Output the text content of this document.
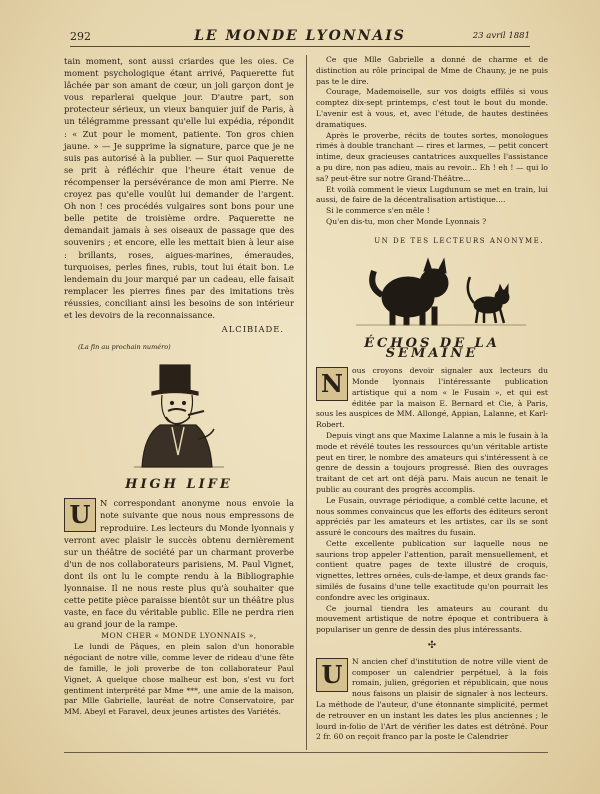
292	LE MONDE LYONNAIS	23 avril 1881

tain moment, sont aussi criardes que les oies. Ce moment psychologique étant arrivé, Paquerette fut lâchée par son amant de cœur, un joli garçon dont je vous reparlerai quelque jour. D'autre part, son protecteur sérieux, un vieux banquier juif de Paris, à un télégramme pressant qu'elle lui expédia, répondit : « Zut pour le moment, patiente. Ton gros chien jaune. » — Je supprime la signature, parce que je ne suis pas autorisé à la publier. — Sur quoi Paquerette se prit à réfléchir que l'heure était venue de récompenser la persévérance de mon ami Pierre. Ne croyez pas qu'elle voulût lui demander de l'argent. Oh non ! ces procédés vulgaires sont bons pour une belle petite de troisième ordre. Paquerette ne demandait jamais à ses oiseaux de passage que des souvenirs ; et encore, elle les mettait bien à leur aise : brillants, roses, aigues-marines, émeraudes, turquoises, perles fines, rubis, tout lui était bon. Le lendemain du jour marqué par un cadeau, elle faisait remplacer les pierres fines par des imitations très réussies, conciliant ainsi les besoins de son intérieur et les devoirs de la reconnaissance.

ALCIBIADE.
(La fin au prochain numéro)
HIGH LIFE

U	N correspondant anonyme nous envoie la note suivante que nous nous empressons de reproduire. Les lecteurs du Monde lyonnais y verront avec plaisir le succès obtenu dernièrement sur un théâtre de société par un charmant proverbe d'un de nos collaborateurs parisiens, M. Paul Vignet, dont ils ont lu le compte rendu à la Bibliographie lyonnaise. Il ne nous reste plus qu'à souhaiter que cette petite pièce paraisse bientôt sur un théâtre plus vaste, en face du véritable public. Elle ne perdra rien au grand jour de la rampe.

MON CHER « MONDE LYONNAIS »,

Le lundi de Pâques, en plein salon d'un honorable négociant de notre ville, comme lever de rideau d'une fête de famille, le joli proverbe de ton collaborateur Paul Vignet, A quelque chose malheur est bon, s'est vu fort gentiment interprété par Mme ***, une amie de la maison, par Mlle Gabrielle, lauréat de notre Conservatoire, par MM. Abeyl et Faravel, deux jeunes artistes des Variétés.

Ce que Mlle Gabrielle a donné de charme et de distinction au rôle principal de Mme de Chauny, je ne puis pas te le dire.

Courage, Mademoiselle, sur vos doigts effilés si vous comptez dix-sept printemps, c'est tout le bout du monde. L'avenir est à vous, et, avec l'étude, de hautes destinées dramatiques.

Après le proverbe, récits de toutes sortes, monologues rimés à double tranchant — rires et larmes, — petit concert intime, deux gracieuses cantatrices auxquelles l'assistance a pu dire, non pas adieu, mais au revoir... Eh ! eh ! — qui lo sa? peut-être sur notre Grand-Théâtre...

Et voilà comment le vieux Lugdunum se met en train, lui aussi, de faire de la décentralisation artistique....

Si le commerce s'en mêle !

Qu'en dis-tu, mon cher Monde Lyonnais ?

UN DE TES LECTEURS ANONYME.
ÉCHOS DE LA SEMAINE

N	ous croyons devoir signaler aux lecteurs du Monde lyonnais l'intéressante publication artistique qui a nom « le Fusain », et qui est éditée par la maison E. Bernard et Cie, à Paris, sous les auspices de MM. Allongé, Appian, Lalanne, et Karl-Robert.

Depuis vingt ans que Maxime Lalanne a mis le fusain à la mode et révélé toutes les ressources qu'un véritable artiste peut en tirer, le nombre des amateurs qui s'intéressent à ce genre de dessin a toujours progressé. Bien des ouvrages traitant de cet art ont déjà paru. Mais aucun ne tenait le public au courant des progrès accomplis.

Le Fusain, ouvrage périodique, a comblé cette lacune, et nous sommes convaincus que les efforts des éditeurs seront appréciés par les amateurs et les artistes, car ils se sont assuré le concours des maîtres du fusain.

Cette excellente publication sur laquelle nous ne saurions trop appeler l'attention, paraît mensuellement, et contient quatre pages de texte illustré de croquis, vignettes, lettres ornées, culs-de-lampe, et deux grands fac-similés de fusains d'une telle exactitude qu'on pourrait les confondre avec les originaux.

Ce journal tiendra les amateurs au courant du mouvement artistique de notre époque et contribuera à populariser un genre de dessin des plus intéressants.

✣

U	N ancien chef d'institution de notre ville vient de composer un calendrier perpétuel, à la fois romain, julien, grégorien et républicain, que nous nous faisons un plaisir de signaler à nos lecteurs. La méthode de l'auteur, d'une étonnante simplicité, permet de retrouver en un instant les dates les plus anciennes ; le lourd in-folio de l'Art de vérifier les dates est détrôné. Pour 2 fr. 60 on reçoit franco par la poste le Calendrier
